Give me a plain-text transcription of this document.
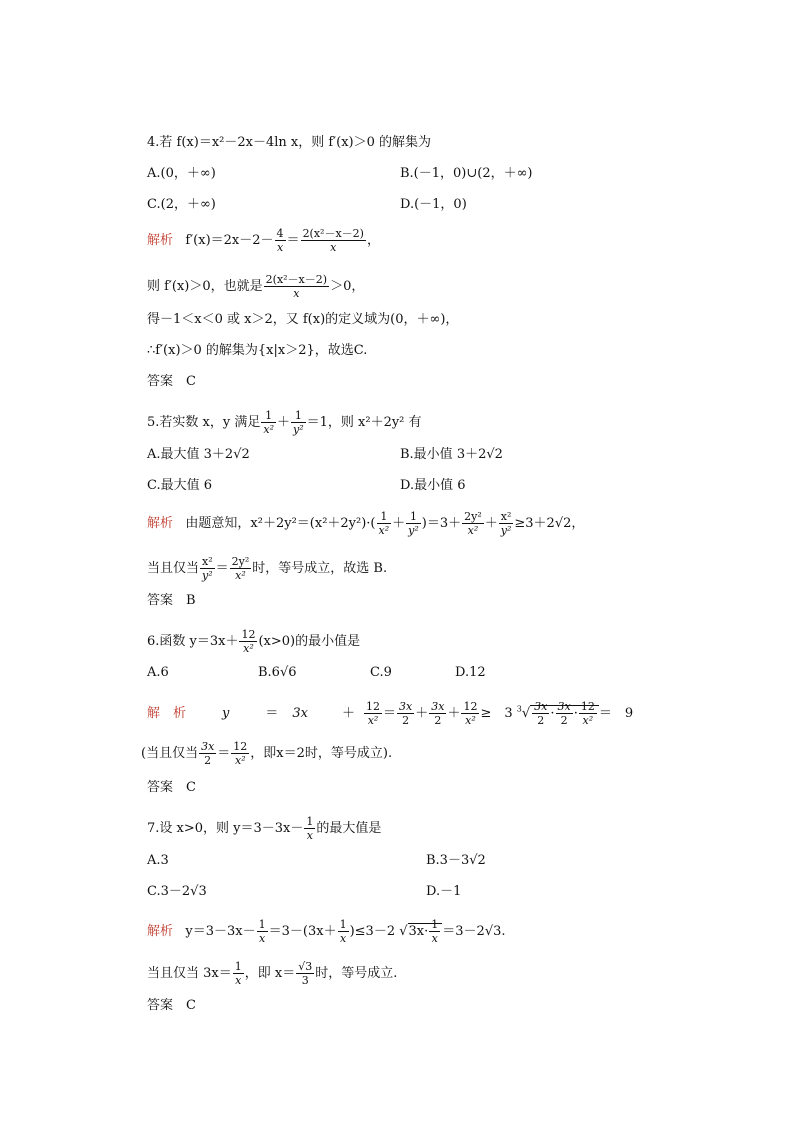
4.若 f(x)＝x²－2x－4ln x，则 f′(x)＞0 的解集为
A.(0，＋∞)	B.(－1，0)∪(2，＋∞)
C.(2，＋∞)	D.(－1，0)
解析 $f'(x)=2x-2- \frac{4}{x} = \frac{\text{2(x²－x－2)}}{x}$ ，
则 f′(x)＞0，也就是 $\frac{\text{2(x²－x－2)}}{x} >0$，
得－1＜x＜0 或 x＞2，又 f(x)的定义域为(0，＋∞)，
∴f′(x)＞0 的解集为{x|x＞2}，故选C.
答案　C
5.若实数 x，y 满足 $\frac{1}{\text{x²}} + \frac{1}{\text{y²}} =1$，则 x²＋2y² 有
A.最大值 3＋2√2	B.最小值 3＋2√2
C.最大值 6	D.最小值 6
解析 由题意知，$x^2+2y^2=(x^2+2y^2)\cdot( \frac{1}{\text{x²}} + \frac{1}{\text{y²}} )=3+ \frac{\text{2y²}}{\text{x²}} + \frac{\text{x²}}{\text{y²}} \ge 3+2√2$，
当且仅当 $\frac{\text{x²}}{\text{y²}} = \frac{\text{2y²}}{\text{x²}}$ 时，等号成立，故选 B.
答案　B
6.函数 $y=3x+ \frac{12}{\text{x²}} (x>0)$的最小值是
A.6	B.6√6	C.9	D.12
解　析	y	＝ 3x	＋ $\frac{12}{\text{x²}} = \frac{3x}{2} + \frac{3x}{2} + \frac{12}{\text{x²}}$ ≥　3 $^3√ \frac{3x}{2} \cdot \frac{3x}{2} \cdot \frac{12}{\text{x²}}$ ＝　9
(当且仅当 $\frac{3x}{2} = \frac{12}{\text{x²}}$ ，即x＝2时，等号成立).
答案　C
7.设 x>0，则 $y=3-3x- \frac{1}{x}$ 的最大值是
A.3	B.3－3√2
C.3－2√3	D.－1
解析 $y=3-3x- \frac{1}{x} =3-(3x+ \frac{1}{x} )\le 3-2$ $√3x\cdot \frac{1}{x} =3-2√3$.
当且仅当 $3x= \frac{1}{x}$ ，即 $x= \frac{√3}{3}$ 时，等号成立.
答案　C
